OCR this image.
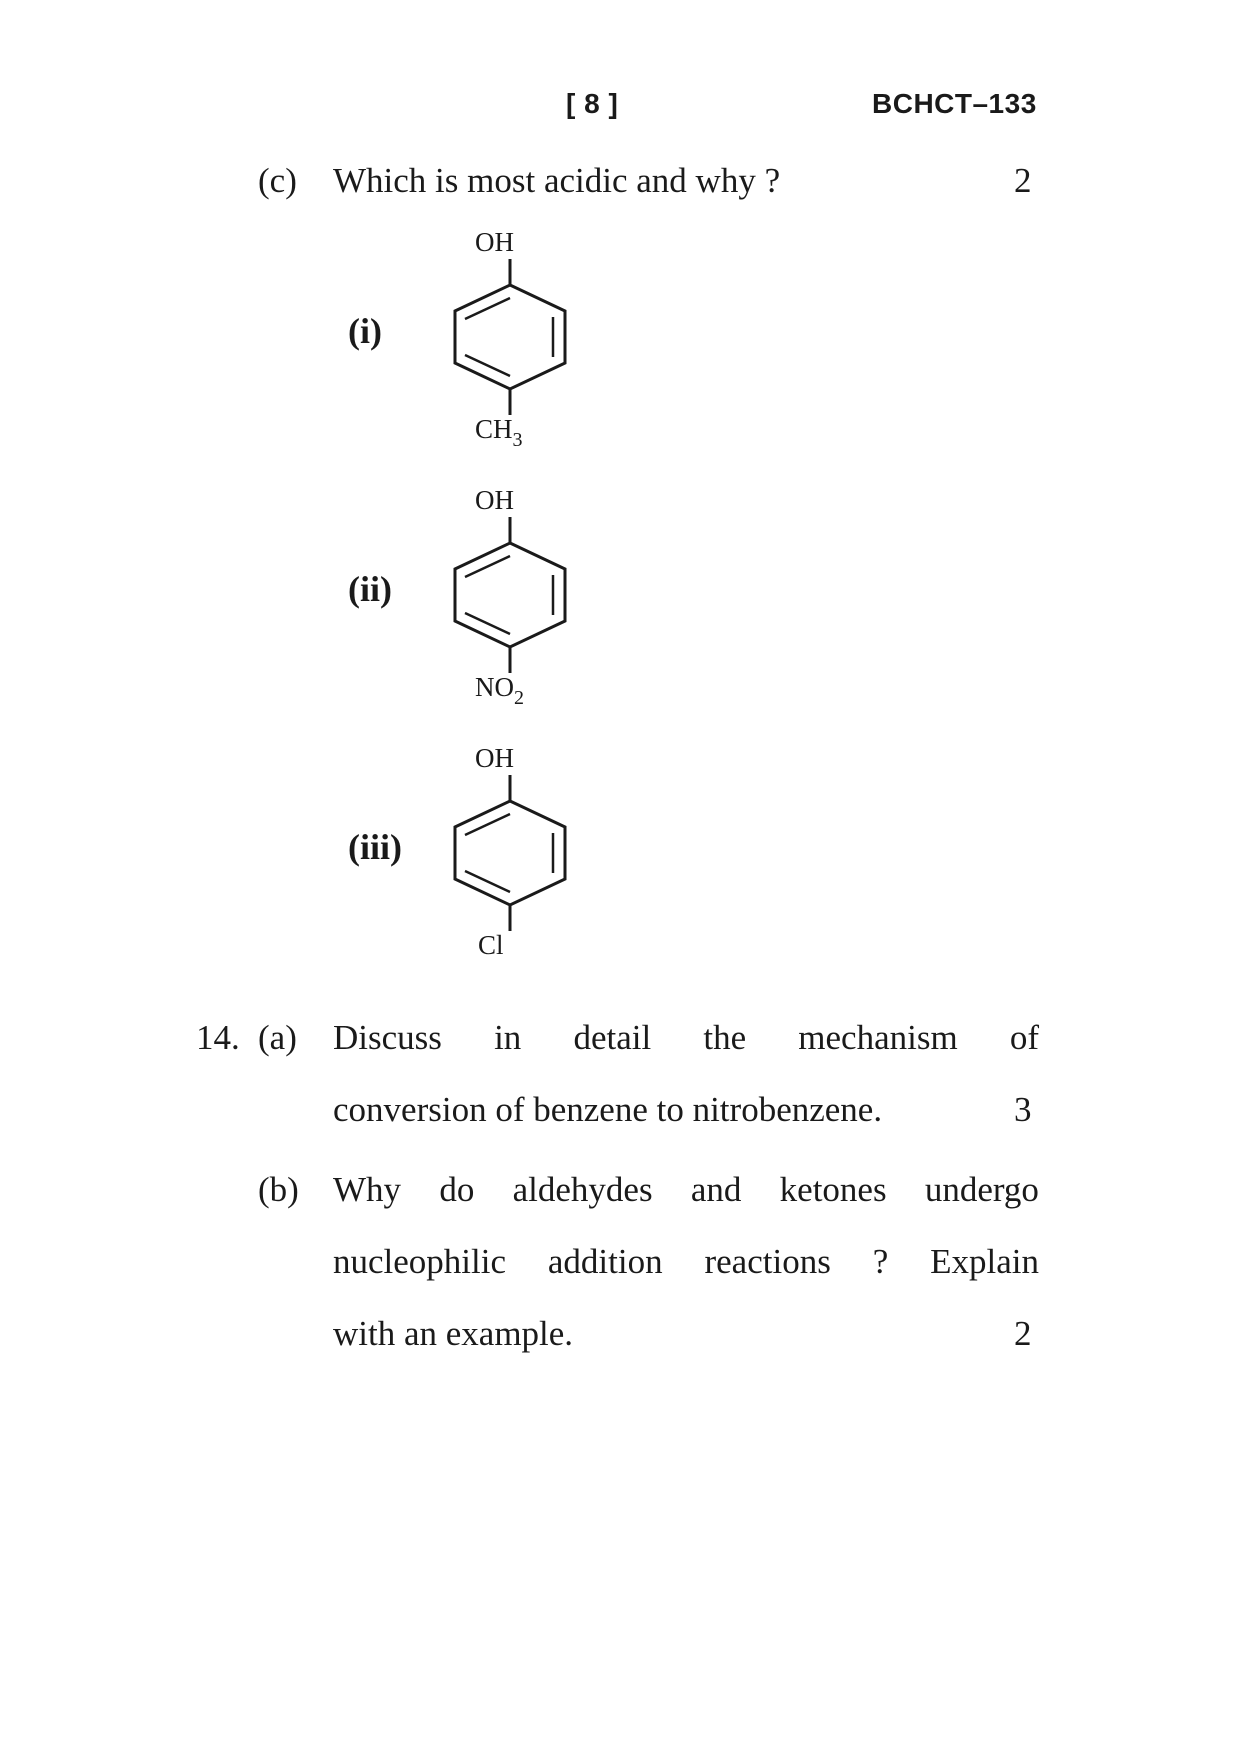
[ 8 ]	BCHCT–133
(c) Which is most acidic and why ?	2
(i)
OH
$CH_3$
(ii)
OH
$NO_2$
(iii)
OH
Cl
14. (a) Discuss in detail the mechanism of
conversion of benzene to nitrobenzene.	3
(b) Why do aldehydes and ketones undergo
nucleophilic addition reactions ? Explain
with an example.	2
